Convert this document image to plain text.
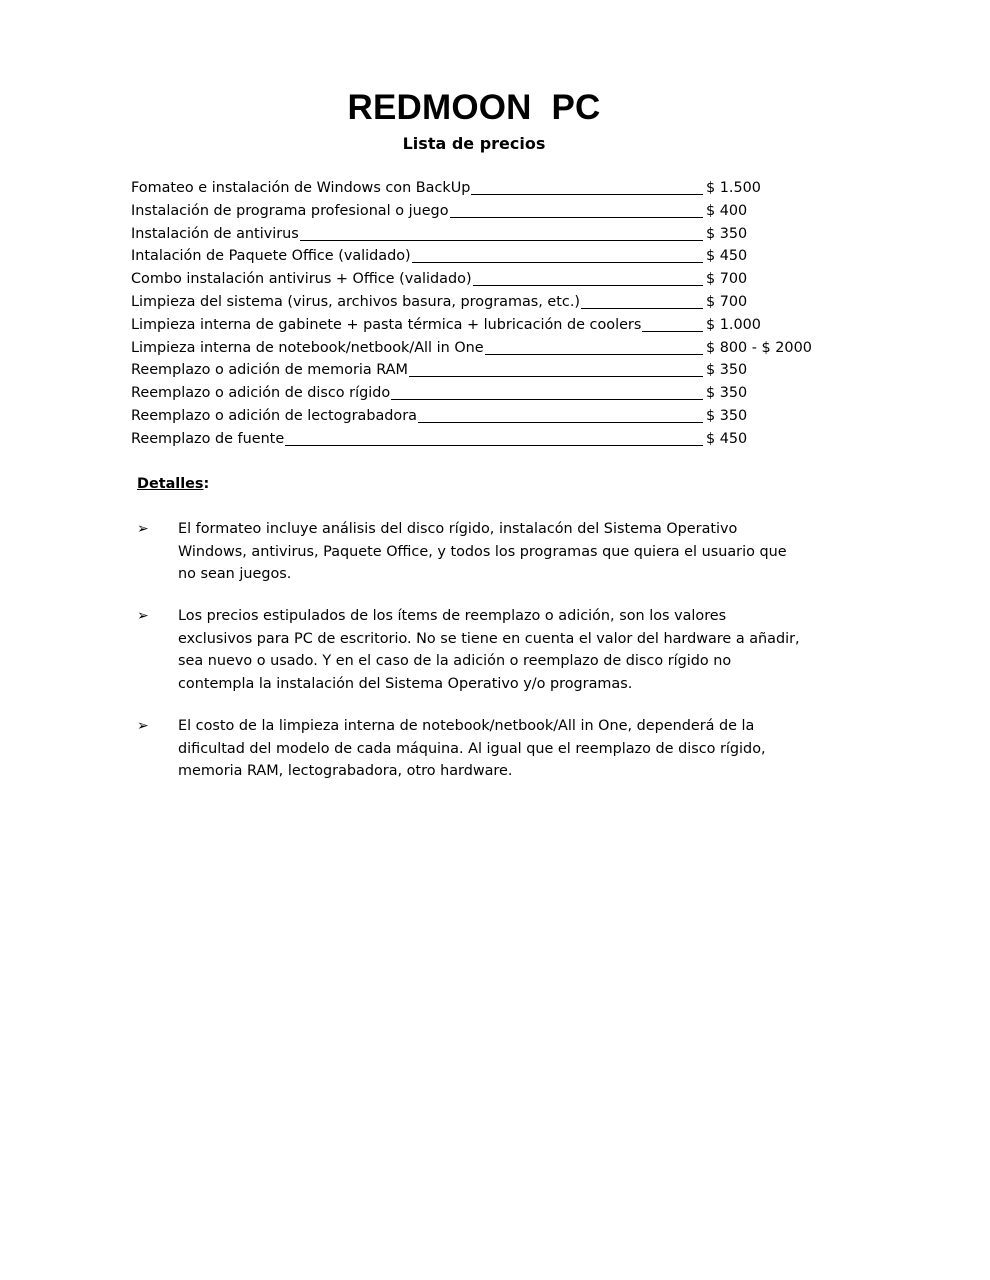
REDMOON  PC
Lista de precios
Fomateo e instalación de Windows con BackUp	$ 1.500
Instalación de programa profesional o juego	$ 400
Instalación de antivirus	$ 350
Intalación de Paquete Office (validado)	$ 450
Combo instalación antivirus + Office (validado)	$ 700
Limpieza del sistema (virus, archivos basura, programas, etc.)	$ 700
Limpieza interna de gabinete + pasta térmica + lubricación de coolers	$ 1.000
Limpieza interna de notebook/netbook/All in One	$ 800 - $ 2000
Reemplazo o adición de memoria RAM	$ 350
Reemplazo o adición de disco rígido	$ 350
Reemplazo o adición de lectograbadora	$ 350
Reemplazo de fuente	$ 450

Detalles:

➢ El formateo incluye análisis del disco rígido, instalacón del Sistema Operativo
Windows, antivirus, Paquete Office, y todos los programas que quiera el usuario que
no sean juegos.
➢ Los precios estipulados de los ítems de reemplazo o adición, son los valores
exclusivos para PC de escritorio. No se tiene en cuenta el valor del hardware a añadir,
sea nuevo o usado. Y en el caso de la adición o reemplazo de disco rígido no
contempla la instalación del Sistema Operativo y/o programas.
➢ El costo de la limpieza interna de notebook/netbook/All in One, dependerá de la
dificultad del modelo de cada máquina. Al igual que el reemplazo de disco rígido,
memoria RAM, lectograbadora, otro hardware.
